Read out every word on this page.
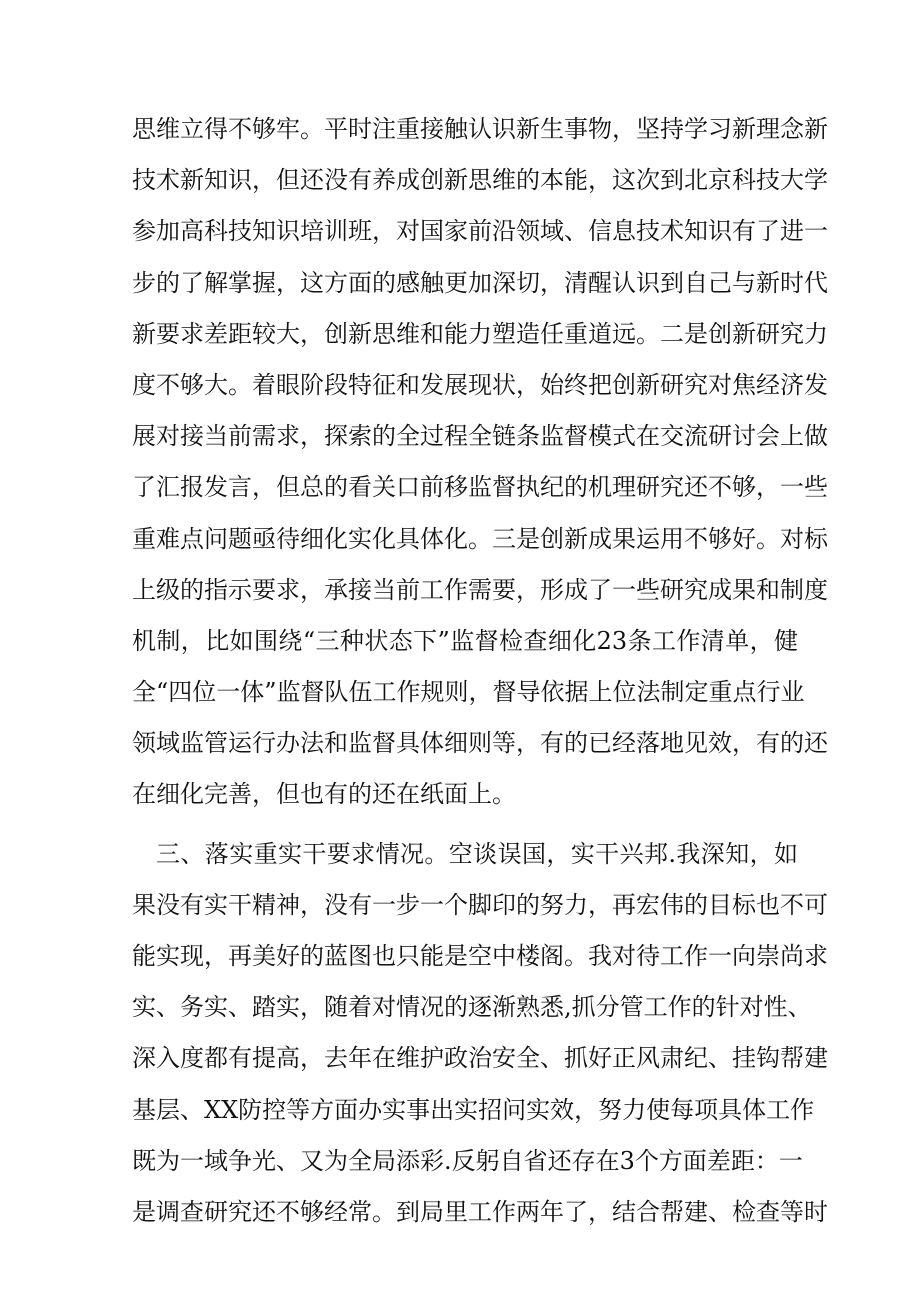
思维立得不够牢。平时注重接触认识新生事物，坚持学习新理念新
技术新知识，但还没有养成创新思维的本能，这次到北京科技大学
参加高科技知识培训班，对国家前沿领域、信息技术知识有了进一
步的了解掌握，这方面的感触更加深切，清醒认识到自己与新时代
新要求差距较大，创新思维和能力塑造任重道远。二是创新研究力
度不够大。着眼阶段特征和发展现状，始终把创新研究对焦经济发
展对接当前需求，探索的全过程全链条监督模式在交流研讨会上做
了汇报发言，但总的看关口前移监督执纪的机理研究还不够，一些
重难点问题亟待细化实化具体化。三是创新成果运用不够好。对标
上级的指示要求，承接当前工作需要，形成了一些研究成果和制度
机制，比如围绕“三种状态下”监督检查细化23条工作清单，健
全“四位一体”监督队伍工作规则，督导依据上位法制定重点行业
领域监管运行办法和监督具体细则等，有的已经落地见效，有的还
在细化完善，但也有的还在纸面上。
三、落实重实干要求情况。空谈误国，实干兴邦.我深知，如
果没有实干精神，没有一步一个脚印的努力，再宏伟的目标也不可
能实现，再美好的蓝图也只能是空中楼阁。我对待工作一向崇尚求
实、务实、踏实，随着对情况的逐渐熟悉,抓分管工作的针对性、
深入度都有提高，去年在维护政治安全、抓好正风肃纪、挂钩帮建
基层、XX防控等方面办实事出实招问实效，努力使每项具体工作
既为一域争光、又为全局添彩.反躬自省还存在3个方面差距：一
是调查研究还不够经常。到局里工作两年了，结合帮建、检查等时
